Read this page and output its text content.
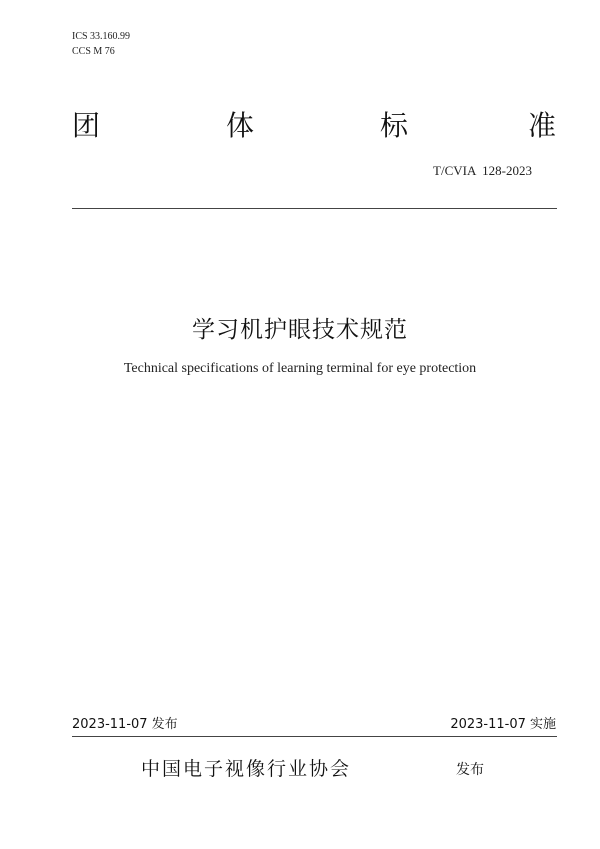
ICS 33.160.99
CCS M 76
团	体	标	准
T/CVIA  128-2023
学习机护眼技术规范
Technical specifications of learning terminal for eye protection
2023-11-07 发布	2023-11-07 实施
中国电子视像行业协会	发布
